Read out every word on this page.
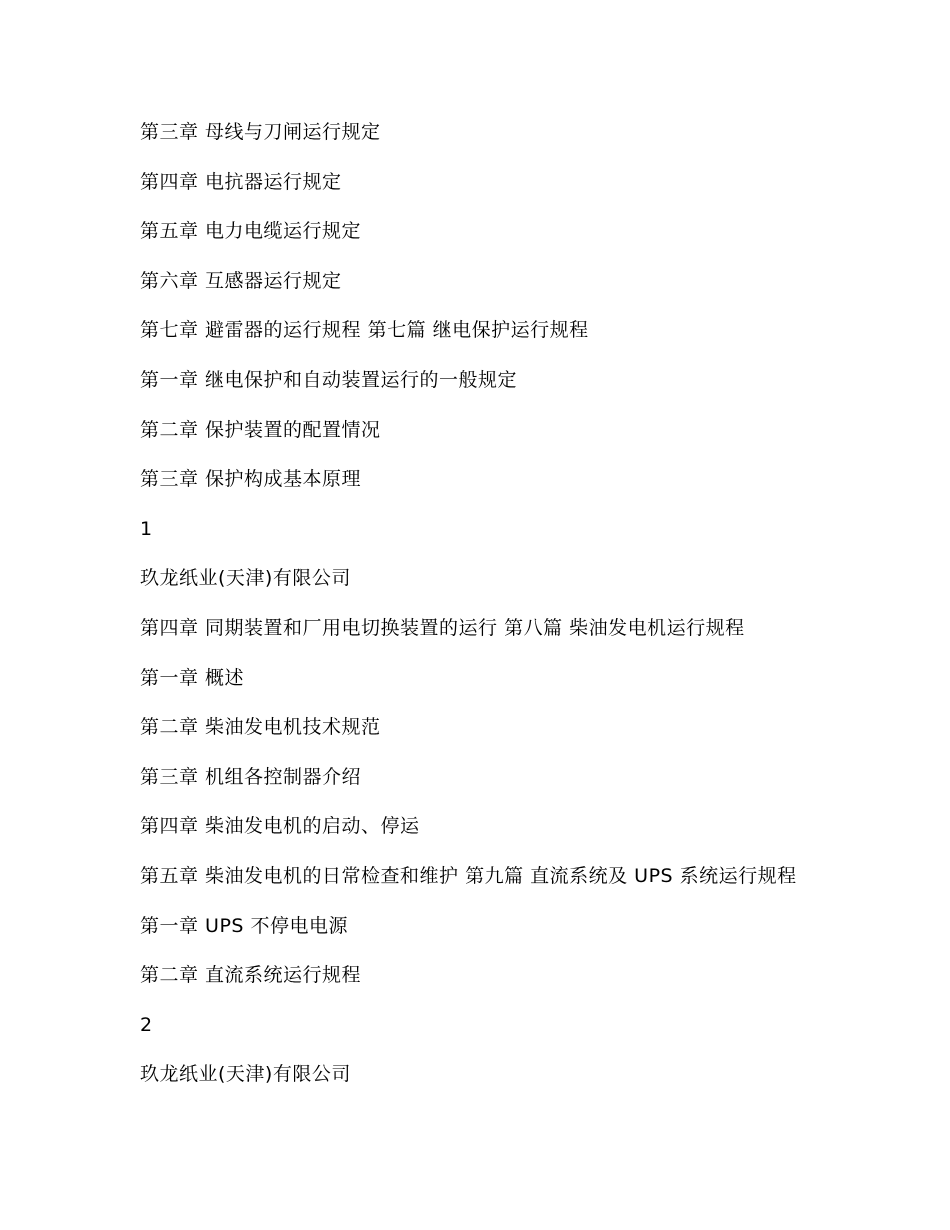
第三章 母线与刀闸运行规定
第四章 电抗器运行规定
第五章 电力电缆运行规定
第六章 互感器运行规定
第七章 避雷器的运行规程 第七篇 继电保护运行规程
第一章 继电保护和自动装置运行的一般规定
第二章 保护装置的配置情况
第三章 保护构成基本原理
1
玖龙纸业(天津)有限公司
第四章 同期装置和厂用电切换装置的运行 第八篇 柴油发电机运行规程
第一章 概述
第二章 柴油发电机技术规范
第三章 机组各控制器介绍
第四章 柴油发电机的启动、停运
第五章 柴油发电机的日常检查和维护 第九篇 直流系统及 UPS 系统运行规程
第一章 UPS 不停电电源
第二章 直流系统运行规程
2
玖龙纸业(天津)有限公司
